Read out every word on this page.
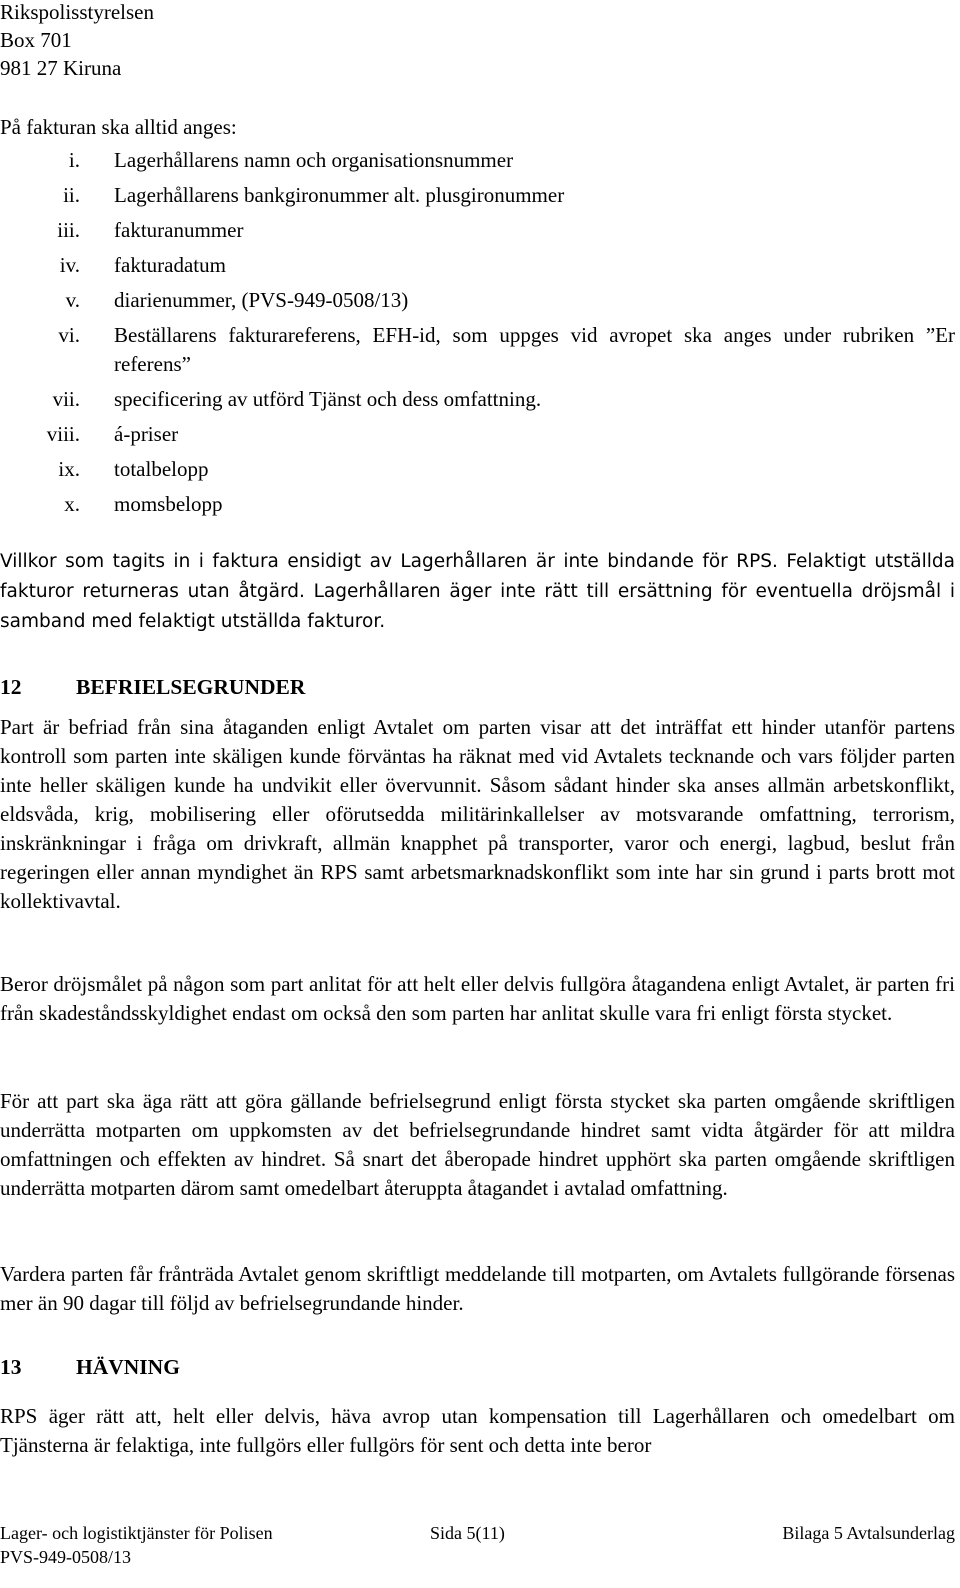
Rikspolisstyrelsen
Box 701
981 27 Kiruna
På fakturan ska alltid anges:
i. Lagerhållarens namn och organisationsnummer
ii. Lagerhållarens bankgironummer alt. plusgironummer
iii. fakturanummer
iv. fakturadatum
v. diarienummer, (PVS-949-0508/13)
vi. Beställarens fakturareferens, EFH-id, som uppges vid avropet ska anges under rubriken ”Er referens”
vii. specificering av utförd Tjänst och dess omfattning.
viii. á-priser
ix. totalbelopp
x. momsbelopp

Villkor som tagits in i faktura ensidigt av Lagerhållaren är inte bindande för RPS. Felaktigt utställda fakturor returneras utan åtgärd. Lagerhållaren äger inte rätt till ersättning för eventuella dröjsmål i samband med felaktigt utställda fakturor.

12	BEFRIELSEGRUNDER

Part är befriad från sina åtaganden enligt Avtalet om parten visar att det inträffat ett hinder utanför partens kontroll som parten inte skäligen kunde förväntas ha räknat med vid Avtalets tecknande och vars följder parten inte heller skäligen kunde ha undvikit eller övervunnit. Såsom sådant hinder ska anses allmän arbetskonflikt, eldsvåda, krig, mobilisering eller oförutsedda militärinkallelser av motsvarande omfattning, terrorism, inskränkningar i fråga om drivkraft, allmän knapphet på transporter, varor och energi, lagbud, beslut från regeringen eller annan myndighet än RPS samt arbetsmarknadskonflikt som inte har sin grund i parts brott mot kollektivavtal.

Beror dröjsmålet på någon som part anlitat för att helt eller delvis fullgöra åtagandena enligt Avtalet, är parten fri från skadeståndsskyldighet endast om också den som parten har anlitat skulle vara fri enligt första stycket.

För att part ska äga rätt att göra gällande befrielsegrund enligt första stycket ska parten omgående skriftligen underrätta motparten om uppkomsten av det befrielsegrundande hindret samt vidta åtgärder för att mildra omfattningen och effekten av hindret. Så snart det åberopade hindret upphört ska parten omgående skriftligen underrätta motparten därom samt omedelbart återuppta åtagandet i avtalad omfattning.

Vardera parten får frånträda Avtalet genom skriftligt meddelande till motparten, om Avtalets fullgörande försenas mer än 90 dagar till följd av befrielsegrundande hinder.

13	HÄVNING

RPS äger rätt att, helt eller delvis, häva avrop utan kompensation till Lagerhållaren och omedelbart om Tjänsterna är felaktiga, inte fullgörs eller fullgörs för sent och detta inte beror

Lager- och logistiktjänster för Polisen	Sida 5(11)	Bilaga 5 Avtalsunderlag
PVS-949-0508/13
